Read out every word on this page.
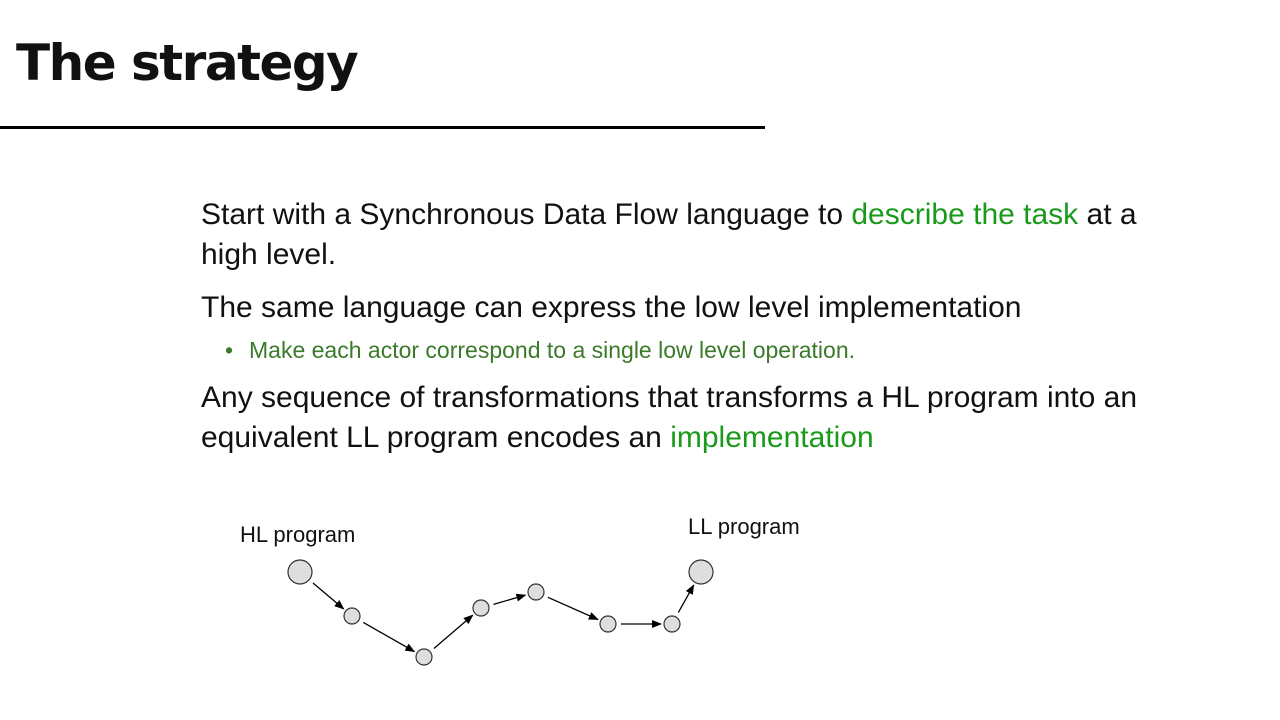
The strategy

Start with a Synchronous Data Flow language to describe the task at a high level.

The same language can express the low level implementation

• Make each actor correspond to a single low level operation.

Any sequence of transformations that transforms a HL program into an equivalent LL program encodes an implementation

HL program	LL program
